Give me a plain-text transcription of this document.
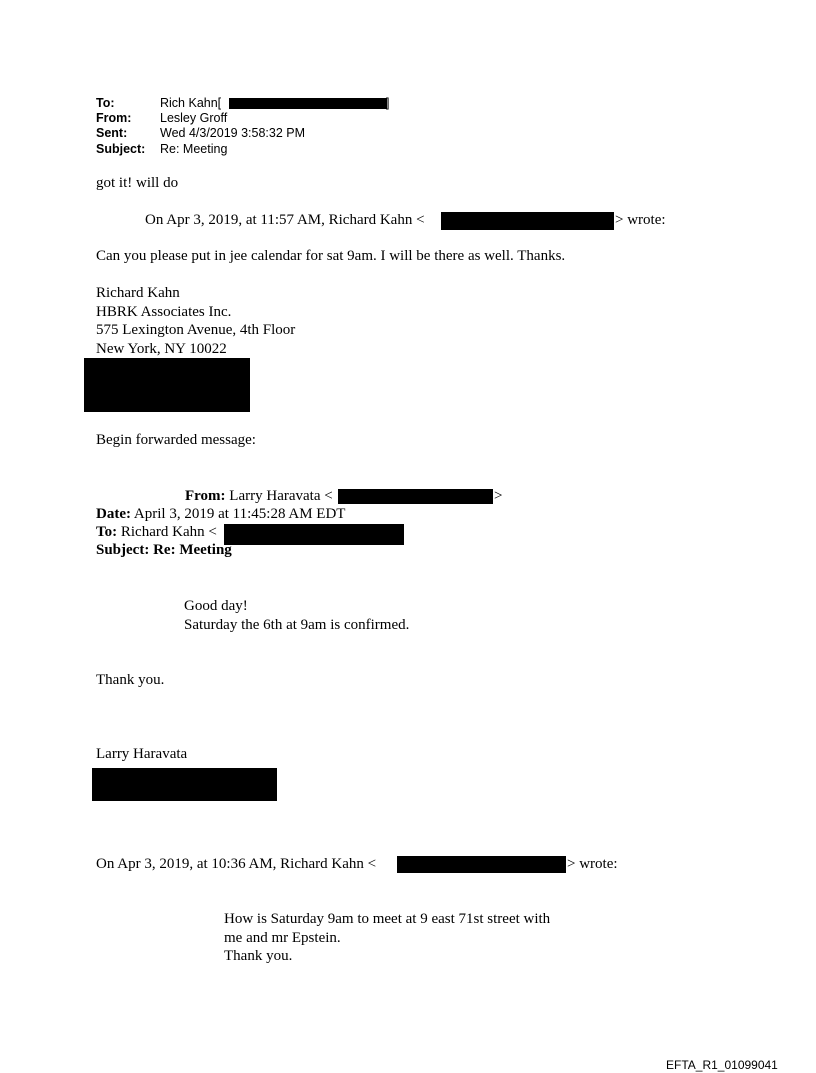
To:	Rich Kahn[	]
From: Lesley Groff
Sent:	Wed 4/3/2019 3:58:32 PM
Subject: Re: Meeting
got it! will do
On Apr 3, 2019, at 11:57 AM, Richard Kahn <	> wrote:
Can you please put in jee calendar for sat 9am. I will be there as well. Thanks.
Richard Kahn
HBRK Associates Inc.
575 Lexington Avenue, 4th Floor
New York, NY 10022
Begin forwarded message:
From: Larry Haravata <	>
Date: April 3, 2019 at 11:45:28 AM EDT
To: Richard Kahn <
Subject: Re: Meeting
Good day!
Saturday the 6th at 9am is confirmed.
Thank you.
Larry Haravata
On Apr 3, 2019, at 10:36 AM, Richard Kahn <	> wrote:
How is Saturday 9am to meet at 9 east 71st street with
me and mr Epstein.
Thank you.
EFTA_R1_01099041
